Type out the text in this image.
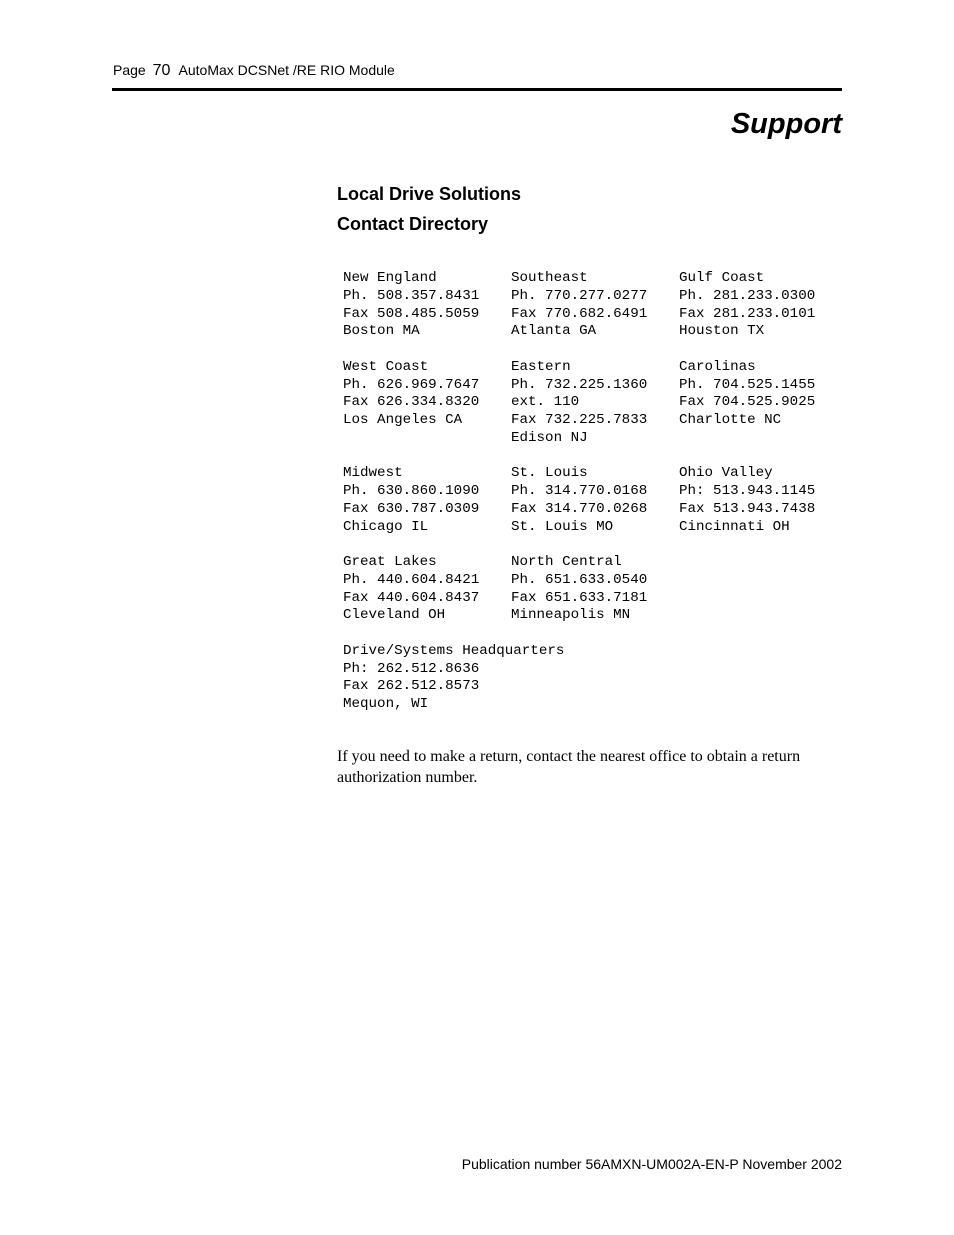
Page 70 AutoMax DCSNet /RE RIO Module
Support
Local Drive Solutions
Contact Directory
New England
Ph. 508.357.8431
Fax 508.485.5059
Boston MA
Southeast
Ph. 770.277.0277
Fax 770.682.6491
Atlanta GA
Gulf Coast
Ph. 281.233.0300
Fax 281.233.0101
Houston TX
West Coast
Ph. 626.969.7647
Fax 626.334.8320
Los Angeles CA
Eastern
Ph. 732.225.1360
ext. 110
Fax 732.225.7833
Edison NJ
Carolinas
Ph. 704.525.1455
Fax 704.525.9025
Charlotte NC
Midwest
Ph. 630.860.1090
Fax 630.787.0309
Chicago IL
St. Louis
Ph. 314.770.0168
Fax 314.770.0268
St. Louis MO
Ohio Valley
Ph: 513.943.1145
Fax 513.943.7438
Cincinnati OH
Great Lakes
Ph. 440.604.8421
Fax 440.604.8437
Cleveland OH
North Central
Ph. 651.633.0540
Fax 651.633.7181
Minneapolis MN
Drive/Systems Headquarters
Ph: 262.512.8636
Fax 262.512.8573
Mequon, WI
If you need to make a return, contact the nearest office to obtain a return authorization number.
Publication number 56AMXN-UM002A-EN-P November 2002
